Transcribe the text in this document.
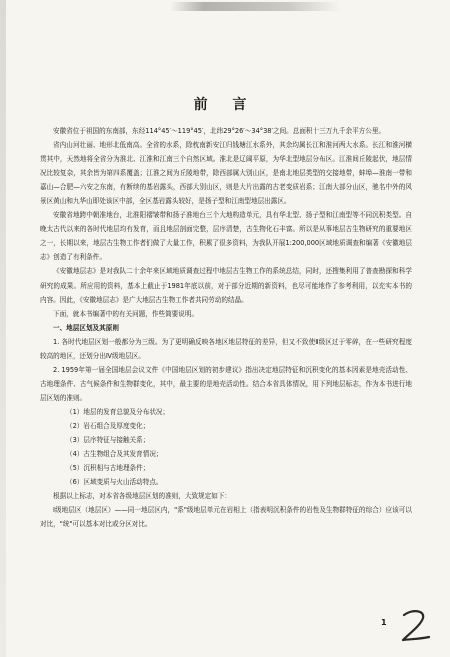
前 言

安徽省位于祖国的东南部，东经114°45′～119°45′，北纬29°26′～34°38′之间。总面积十三万九千余平方公里。

省内山河壮丽、地形北低南高。全省的水系，除枕南新安江归钱塘江水系外，其余均属长江和淮河两大水系。长江和淮河横贯其中，天然地将全省分为淮北、江淮和江南三个自然区域。淮北是辽阔平原，为华北型地层分布区。江淮间丘陵起伏，地层情况比较复杂，其余皆为第四系覆盖；江淮之间为丘陵地带，除西部属大别山区，是南北地层类型的交接地带，蚌埠—淮南一带和嘉山—合肥—六安之东南，有断续的基岩露头，西部大别山区，则是大片出露的古老变质岩系；江南大部分山区，驰名中外的风景区黄山和九华山即处该区中部，全区基岩露头较好，是扬子型和江南型地层出露区。

安徽省地跨中朝准地台，北淮阳褶皱带和扬子准地台三个大地构造单元，具有华北型、扬子型和江南型等不同沉积类型。自晚太古代以来的各时代地层均有发育，而且地层剖面完整，层序清楚，古生物化石丰富。所以是从事地层古生物研究的重要地区之一，长期以来，地层古生物工作者们做了大量工作，积累了很多资料，为我队开展1:200,000区域地质调查和编著《安徽地层志》创造了有利条件。

《安徽地层志》是对我队二十余年来区域地质调查过程中地层古生物工作的系统总结，同时，还搜集利用了普查勘探和科学研究的成果。所应用的资料，基本上截止于1981年底以前，对于部分近期的新资料，也尽可能地作了参考利用，以充实本书的内容。因此，《安徽地层志》是广大地层古生物工作者共同劳动的结晶。

下面，就本书编著中的有关问题，作些简要说明。

一、地层区划及其原则

1. 各时代地层区划一般都分为三级。为了更明确反映各地区地层特征的差异，但又不致使Ⅱ级区过于零碎，在一些研究程度较高的地区，还划分出Ⅳ级地层区。

2. 1959年第一届全国地层会议文件《中国地层区划的初步建议》指出决定地层特征和沉积变化的基本因素是地壳活动性、古地理条件、古气候条件和生物群变化，其中，最主要的是地壳活动性。结合本省具体情况，用下列地层标志，作为本书进行地层区划的准则。

（1）地层的发育总貌及分布状况；
（2）岩石组合及厚度变化；
（3）层序特征与接触关系；
（4）古生物组合及其发育情况；
（5）沉积相与古地理条件；
（6）区域变质与火山活动特点。

根据以上标志，对本省各级地层区划的准则，大致规定如下：

Ⅰ级地层区（地层区）——同一地层区内，"系"级地层单元在岩相上（指表明沉积条件的岩性及生物群特征的综合）应该可以对比，"统"可以基本对比或分区对比。

1
